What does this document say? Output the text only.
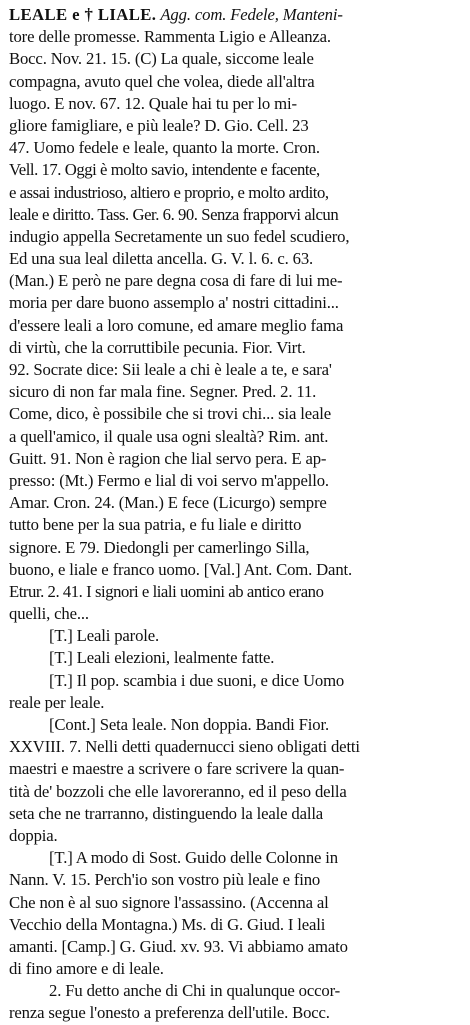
LEALE e † LIALE. Agg. com. Fedele, Manteni-
tore delle promesse. Rammenta Ligio e Alleanza.
Bocc. Nov. 21. 15. (C) La quale, siccome leale
compagna, avuto quel che volea, diede all'altra
luogo. E nov. 67. 12. Quale hai tu per lo mi-
gliore famigliare, e più leale? D. Gio. Cell. 23
47. Uomo fedele e leale, quanto la morte. Cron.
Vell. 17. Oggi è molto savio, intendente e facente,
e assai industrioso, altiero e proprio, e molto ardito,
leale e diritto. Tass. Ger. 6. 90. Senza frapporvi alcun
indugio appella Secretamente un suo fedel scudiero,
Ed una sua leal diletta ancella. G. V. l. 6. c. 63.
(Man.) E però ne pare degna cosa di fare di lui me-
moria per dare buono assemplo a' nostri cittadini...
d'essere leali a loro comune, ed amare meglio fama
di virtù, che la corruttibile pecunia. Fior. Virt.
92. Socrate dice: Sii leale a chi è leale a te, e sara'
sicuro di non far mala fine. Segner. Pred. 2. 11.
Come, dico, è possibile che si trovi chi... sia leale
a quell'amico, il quale usa ogni slealtà? Rim. ant.
Guitt. 91. Non è ragion che lial servo pera. E ap-
presso: (Mt.) Fermo e lial di voi servo m'appello.
Amar. Cron. 24. (Man.) E fece (Licurgo) sempre
tutto bene per la sua patria, e fu liale e diritto
signore. E 79. Diedongli per camerlingo Silla,
buono, e liale e franco uomo. [Val.] Ant. Com. Dant.
Etrur. 2. 41. I signori e liali uomini ab antico erano
quelli, che...
[T.] Leali parole.
[T.] Leali elezioni, lealmente fatte.
[T.] Il pop. scambia i due suoni, e dice Uomo
reale per leale.
[Cont.] Seta leale. Non doppia. Bandi Fior.
XXVIII. 7. Nelli detti quadernucci sieno obligati detti
maestri e maestre a scrivere o fare scrivere la quan-
tità de' bozzoli che elle lavoreranno, ed il peso della
seta che ne trarranno, distinguendo la leale dalla
doppia.
[T.] A modo di Sost. Guido delle Colonne in
Nann. V. 15. Perch'io son vostro più leale e fino
Che non è al suo signore l'assassino. (Accenna al
Vecchio della Montagna.) Ms. di G. Giud. I leali
amanti. [Camp.] G. Giud. xv. 93. Vi abbiamo amato
di fino amore e di leale.
2. Fu detto anche di Chi in qualunque occor-
renza segue l'onesto a preferenza dell'utile. Bocc.
